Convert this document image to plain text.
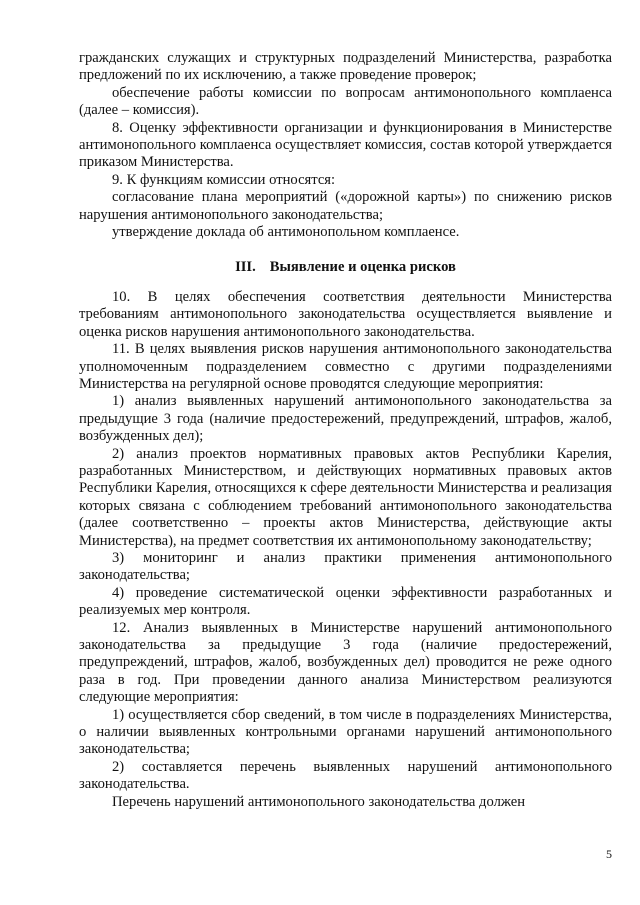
гражданских служащих и структурных подразделений Министерства, разработка предложений по их исключению, а также проведение проверок;

обеспечение работы комиссии по вопросам антимонопольного комплаенса (далее – комиссия).

8. Оценку эффективности организации и функционирования в Министерстве антимонопольного комплаенса осуществляет комиссия, состав которой утверждается приказом Министерства.

9. К функциям комиссии относятся:

согласование плана мероприятий («дорожной карты») по снижению рисков нарушения антимонопольного законодательства;

утверждение доклада об антимонопольном комплаенсе.

III. Выявление и оценка рисков

10. В целях обеспечения соответствия деятельности Министерства требованиям антимонопольного законодательства осуществляется выявление и оценка рисков нарушения антимонопольного законодательства.

11. В целях выявления рисков нарушения антимонопольного законодательства уполномоченным подразделением совместно с другими подразделениями Министерства на регулярной основе проводятся следующие мероприятия:

1) анализ выявленных нарушений антимонопольного законодательства за предыдущие 3 года (наличие предостережений, предупреждений, штрафов, жалоб, возбужденных дел);

2) анализ проектов нормативных правовых актов Республики Карелия, разработанных Министерством, и действующих нормативных правовых актов Республики Карелия, относящихся к сфере деятельности Министерства и реализация которых связана с соблюдением требований антимонопольного законодательства (далее соответственно – проекты актов Министерства, действующие акты Министерства), на предмет соответствия их антимонопольному законодательству;

3) мониторинг и анализ практики применения антимонопольного законодательства;

4) проведение систематической оценки эффективности разработанных и реализуемых мер контроля.

12. Анализ выявленных в Министерстве нарушений антимонопольного законодательства за предыдущие 3 года (наличие предостережений, предупреждений, штрафов, жалоб, возбужденных дел) проводится не реже одного раза в год. При проведении данного анализа Министерством реализуются следующие мероприятия:

1) осуществляется сбор сведений, в том числе в подразделениях Министерства, о наличии выявленных контрольными органами нарушений антимонопольного законодательства;

2) составляется перечень выявленных нарушений антимонопольного законодательства.

Перечень нарушений антимонопольного законодательства должен

5
